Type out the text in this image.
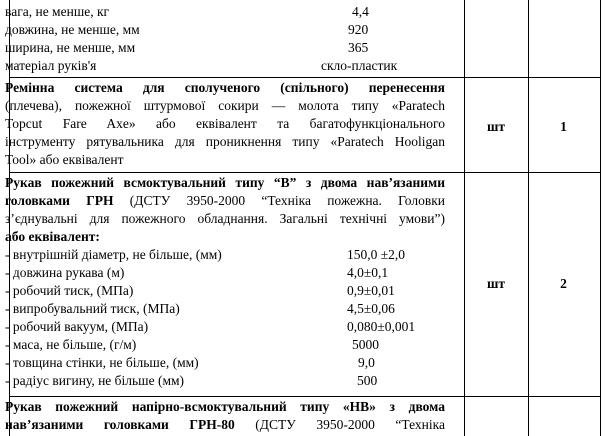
вага, не менше, кг	4,4
довжина, не менше, мм	920
ширина, не менше, мм	365
матеріал руків'я	скло-пластик
Ремінна система для сполученого (спільного) перенесення
(плечева), пожежної штурмової сокири — молота типу «Paratech
Topcut Fare Axe» або еквівалент та багатофункціонального
інструменту рятувальника для проникнення типу «Paratech Hooligan
Tool» або еквівалент
шт	1
Рукав пожежний всмоктувальний типу “В” з двома нав’язаними
головками ГРН (ДСТУ 3950-2000 “Техніка пожежна. Головки
з’єднувальні для пожежного обладнання. Загальні технічні умови”)
або еквівалент:
- внутрішній діаметр, не більше, (мм)	150,0 ±2,0
- довжина рукава (м)	4,0±0,1
- робочий тиск, (МПа)	0,9±0,01
- випробувальний тиск, (МПа)	4,5±0,06
- робочий вакуум, (МПа)	0,080±0,001
- маса, не більше, (г/м)	5000
- товщина стінки, не більше, (мм)	9,0
- радіус вигину, не більше (мм)	500
шт	2
Рукав пожежний напірно-всмоктувальний типу «НВ» з двома
нав’язаними головками ГРН-80 (ДСТУ 3950-2000 “Техніка
